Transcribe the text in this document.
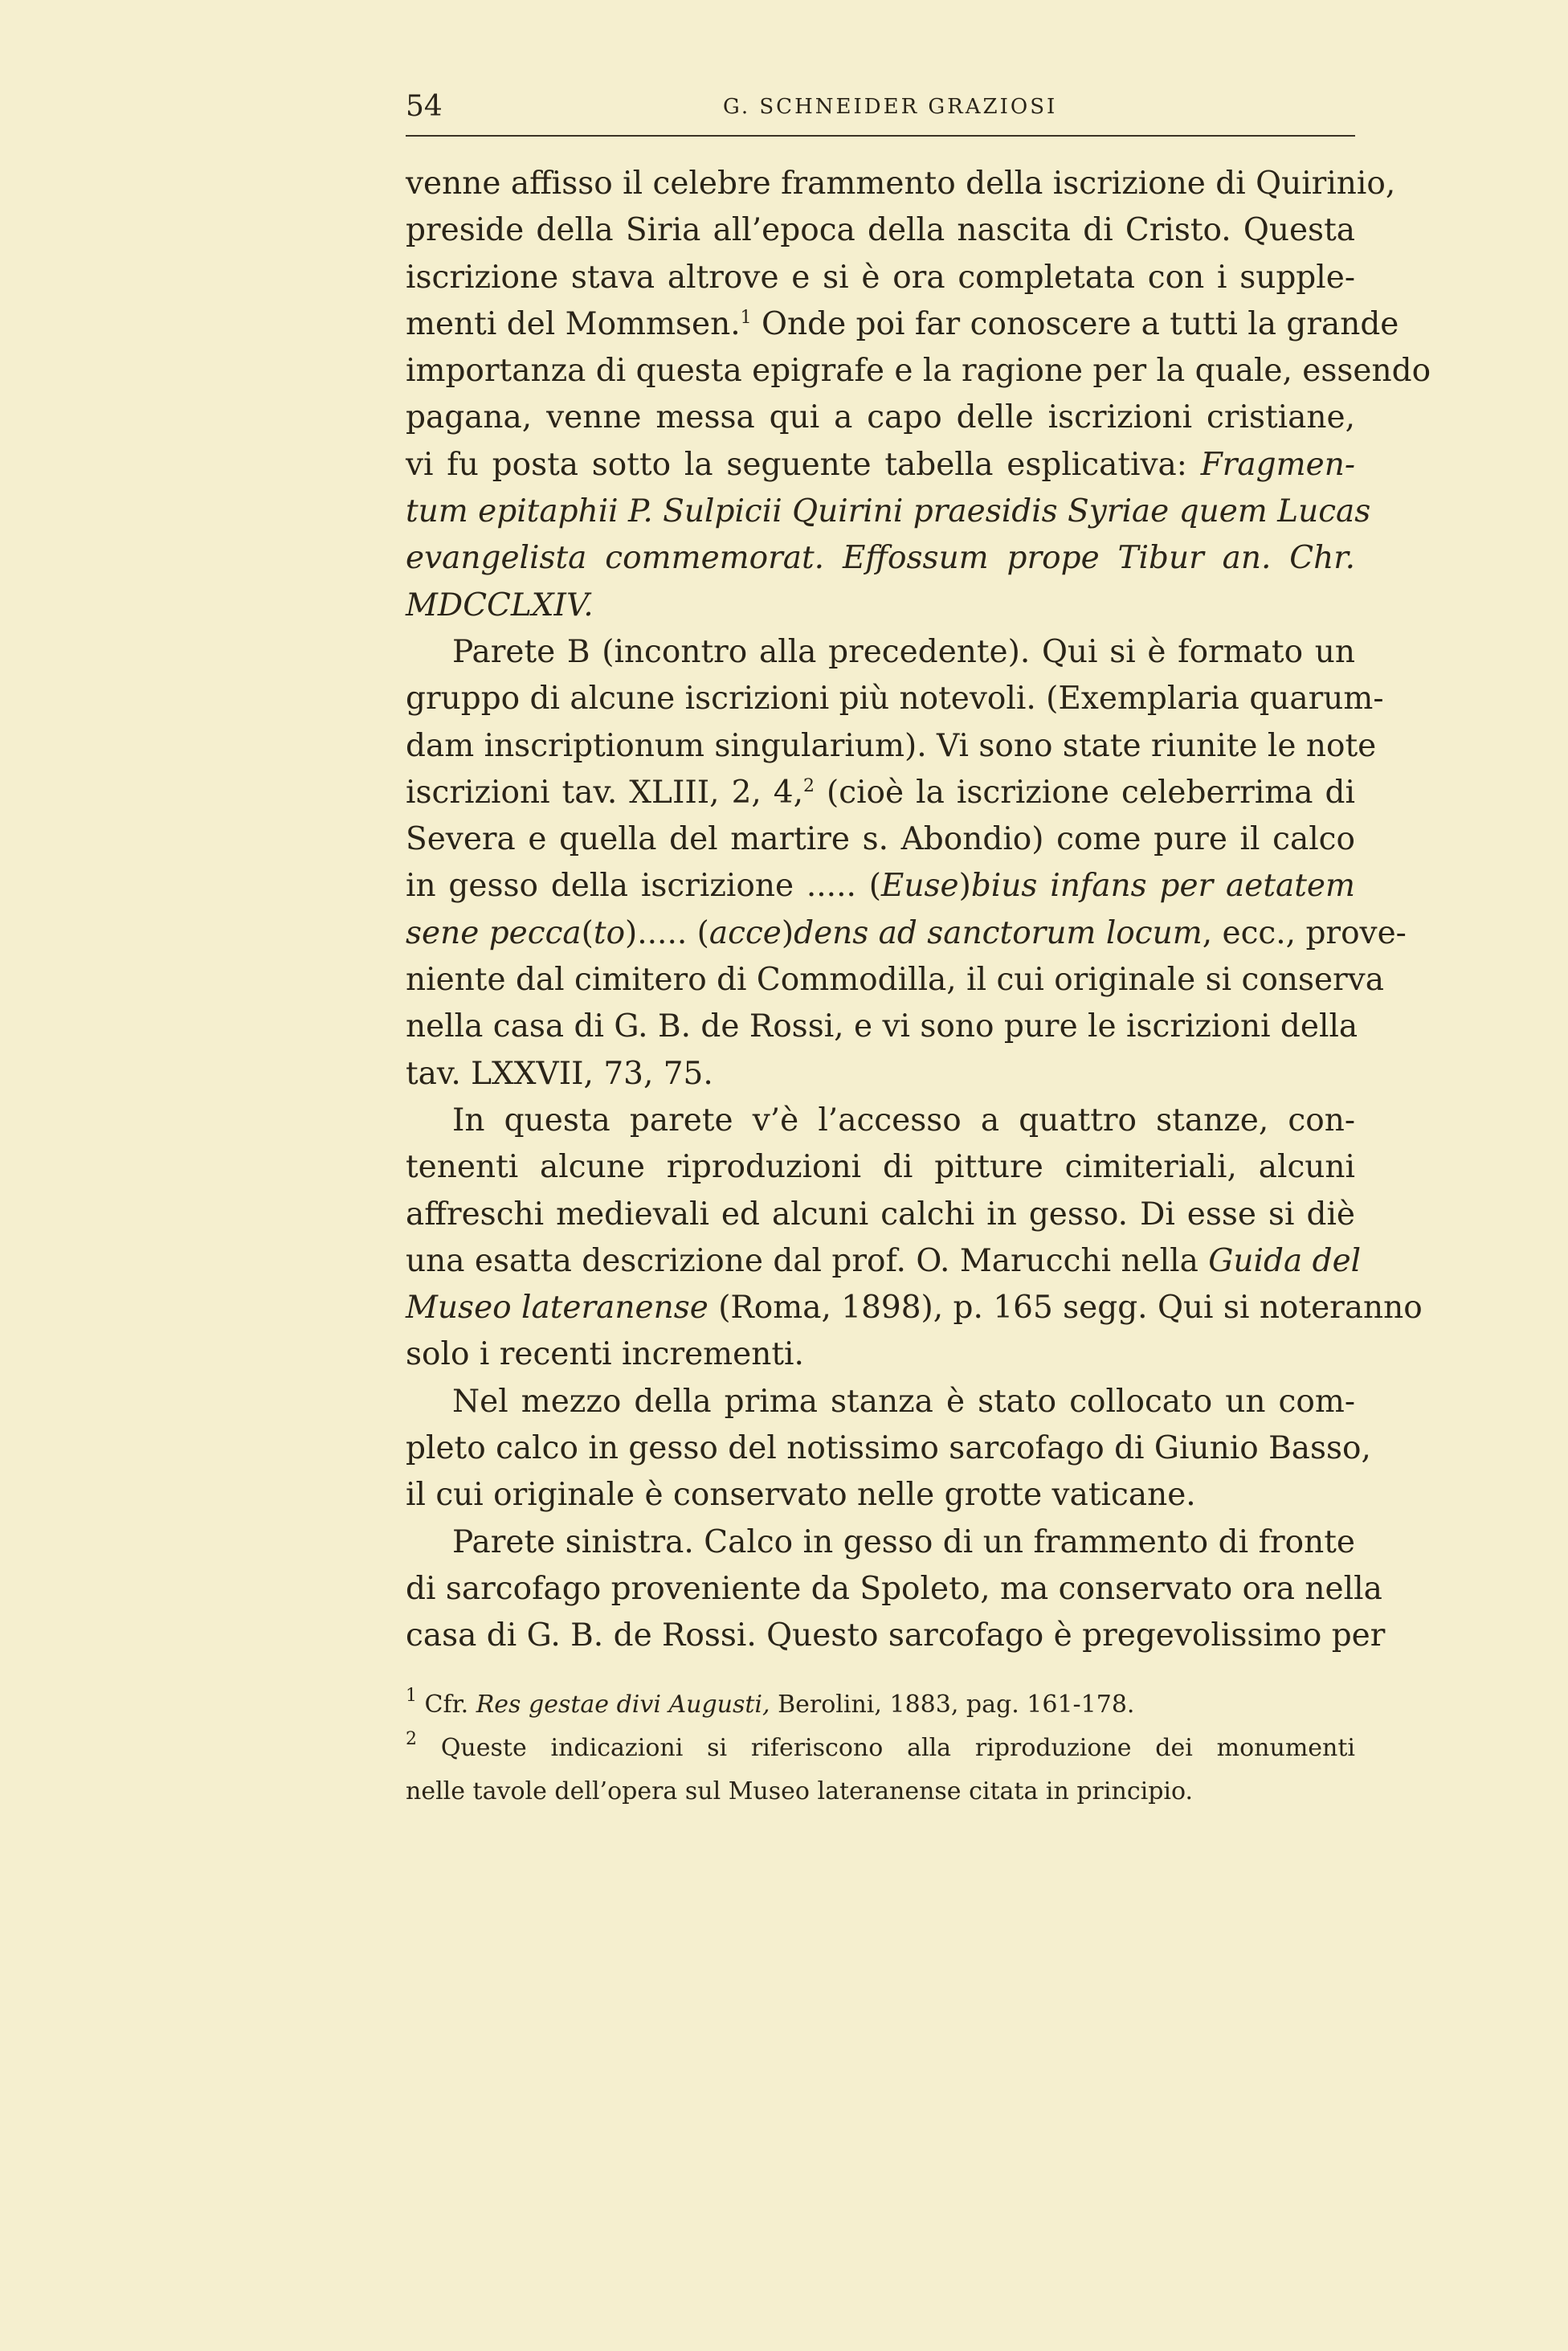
54	G. SCHNEIDER GRAZIOSI
venne affisso il celebre frammento della iscrizione di Quirinio,
preside della Siria all’epoca della nascita di Cristo. Questa
iscrizione stava altrove e si è ora completata con i supple-
menti del Mommsen.$^1$ Onde poi far conoscere a tutti la grande
importanza di questa epigrafe e la ragione per la quale, essendo
pagana, venne messa qui a capo delle iscrizioni cristiane,
vi fu posta sotto la seguente tabella esplicativa: Fragmen-
tum epitaphii P. Sulpicii Quirini praesidis Syriae quem Lucas
evangelista commemorat. Effossum prope Tibur an. Chr.
MDCCLXIV.
Parete B (incontro alla precedente). Qui si è formato un
gruppo di alcune iscrizioni più notevoli. (Exemplaria quarum-
dam inscriptionum singularium). Vi sono state riunite le note
iscrizioni tav. XLIII, 2, 4,$^2$ (cioè la iscrizione celeberrima di
Severa e quella del martire s. Abondio) come pure il calco
in gesso della iscrizione ..... (Euse)bius infans per aetatem
sene pecca(to)..... (acce)dens ad sanctorum locum, ecc., prove-
niente dal cimitero di Commodilla, il cui originale si conserva
nella casa di G. B. de Rossi, e vi sono pure le iscrizioni della
tav. LXXVII, 73, 75.
In questa parete v’è l’accesso a quattro stanze, con-
tenenti alcune riproduzioni di pitture cimiteriali, alcuni
affreschi medievali ed alcuni calchi in gesso. Di esse si diè
una esatta descrizione dal prof. O. Marucchi nella Guida del
Museo lateranense (Roma, 1898), p. 165 segg. Qui si noteranno
solo i recenti incrementi.
Nel mezzo della prima stanza è stato collocato un com-
pleto calco in gesso del notissimo sarcofago di Giunio Basso,
il cui originale è conservato nelle grotte vaticane.
Parete sinistra. Calco in gesso di un frammento di fronte
di sarcofago proveniente da Spoleto, ma conservato ora nella
casa di G. B. de Rossi. Questo sarcofago è pregevolissimo per
$^1$ Cfr. Res gestae divi Augusti, Berolini, 1883, pag. 161-178.
$^2$ Queste indicazioni si riferiscono alla riproduzione dei monumenti
nelle tavole dell’opera sul Museo lateranense citata in principio.
